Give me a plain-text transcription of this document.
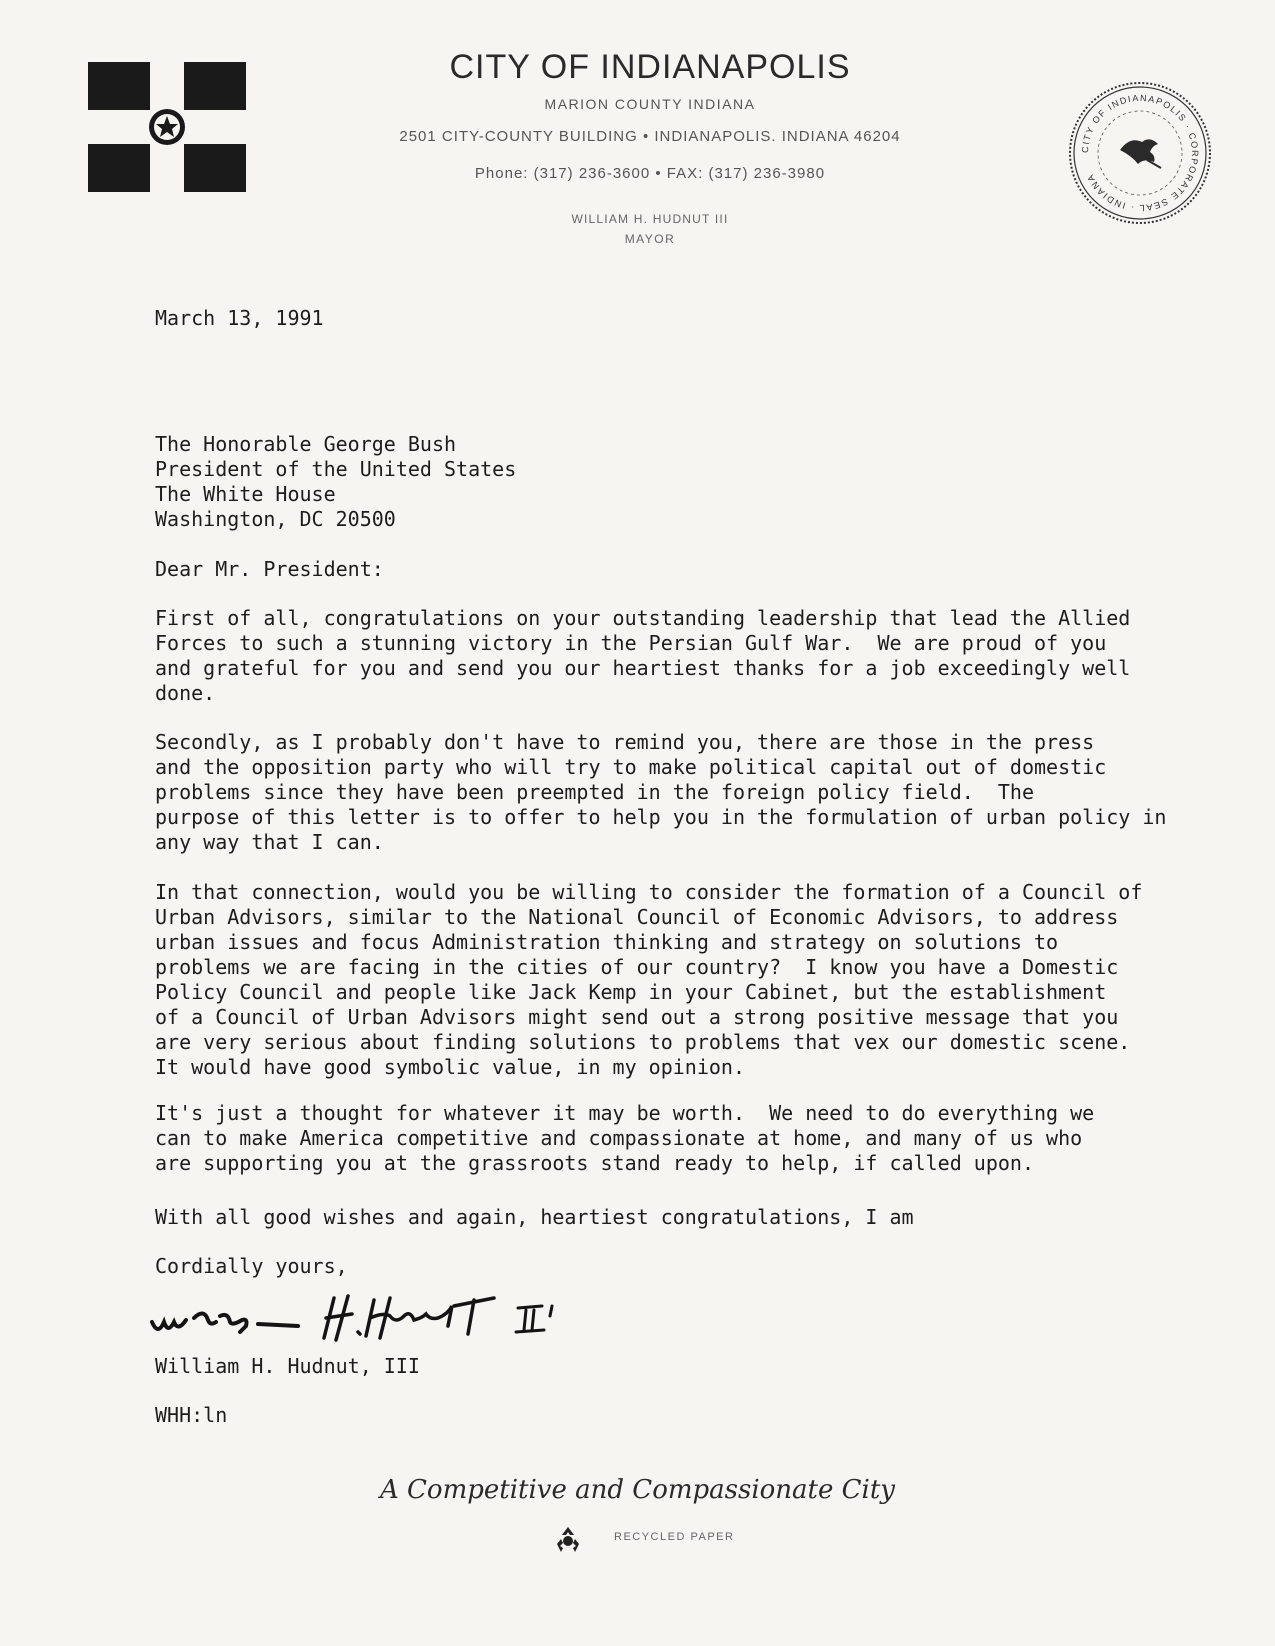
CITY OF INDIANAPOLIS
MARION COUNTY INDIANA
2501 CITY-COUNTY BUILDING • INDIANAPOLIS. INDIANA 46204
Phone: (317) 236-3600 • FAX: (317) 236-3980
WILLIAM H. HUDNUT III
MAYOR
CITY OF INDIANAPOLIS · CORPORATE SEAL · INDIANA
March 13, 1991
The Honorable George Bush
President of the United States
The White House
Washington, DC 20500
Dear Mr. President:
First of all, congratulations on your outstanding leadership that lead the Allied
Forces to such a stunning victory in the Persian Gulf War.  We are proud of you
and grateful for you and send you our heartiest thanks for a job exceedingly well
done.
Secondly, as I probably don't have to remind you, there are those in the press
and the opposition party who will try to make political capital out of domestic
problems since they have been preempted in the foreign policy field.  The
purpose of this letter is to offer to help you in the formulation of urban policy in
any way that I can.
In that connection, would you be willing to consider the formation of a Council of
Urban Advisors, similar to the National Council of Economic Advisors, to address
urban issues and focus Administration thinking and strategy on solutions to
problems we are facing in the cities of our country?  I know you have a Domestic
Policy Council and people like Jack Kemp in your Cabinet, but the establishment
of a Council of Urban Advisors might send out a strong positive message that you
are very serious about finding solutions to problems that vex our domestic scene.
It would have good symbolic value, in my opinion.
It's just a thought for whatever it may be worth.  We need to do everything we
can to make America competitive and compassionate at home, and many of us who
are supporting you at the grassroots stand ready to help, if called upon.
With all good wishes and again, heartiest congratulations, I am
Cordially yours,
William H. Hudnut III
William H. Hudnut, III
WHH:ln
A Competitive and Compassionate City
RECYCLED PAPER
